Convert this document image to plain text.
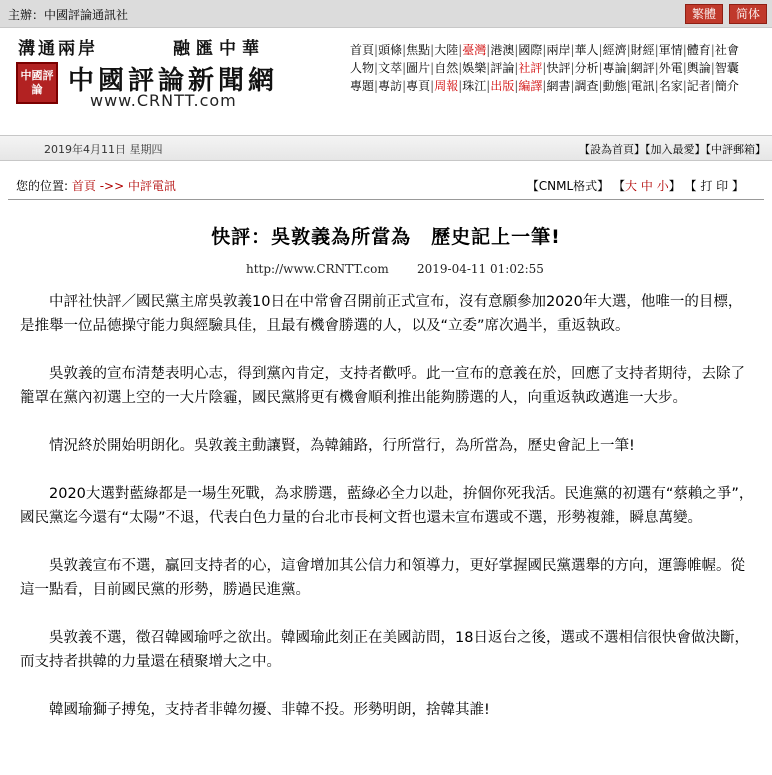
主辦：中國評論通訊社	繁體	简体
溝通兩岸	融匯中華
中國評論 中國評論新聞網
www.CRNTT.com
首頁|頭條|焦點|大陸|臺灣|港澳|國際|兩岸|華人|經濟|財經|軍情|體育|社會
人物|文萃|圖片|自然|娛樂|評論|社評|快評|分析|專論|網評|外電|輿論|智囊
專題|專訪|專頁|周報|珠江|出版|編譯|網書|調查|動態|電訊|名家|記者|簡介
2019年4月11日 星期四	【設為首頁】【加入最愛】【中評郵箱】
您的位置: 首頁 ->> 中評電訊	【CNML格式】 【大 中 小】 【 打 印 】
快評：吳敦義為所當為　歷史記上一筆!
http://www.CRNTT.com 2019-04-11 01:02:55

中評社快評／國民黨主席吳敦義10日在中常會召開前正式宣布，沒有意願參加2020年大選，他唯一的目標，是推舉一位品德操守能力與經驗具佳，且最有機會勝選的人，以及“立委”席次過半，重返執政。

吳敦義的宣布清楚表明心志，得到黨內肯定，支持者歡呼。此一宣布的意義在於，回應了支持者期待，去除了籠罩在黨內初選上空的一大片陰霾，國民黨將更有機會順利推出能夠勝選的人，向重返執政邁進一大步。

情況終於開始明朗化。吳敦義主動讓賢，為韓鋪路，行所當行，為所當為，歷史會記上一筆!

2020大選對藍綠都是一場生死戰，為求勝選，藍綠必全力以赴，拚個你死我活。民進黨的初選有“蔡賴之爭”，國民黨迄今還有“太陽”不退，代表白色力量的台北市長柯文哲也還未宣布選或不選，形勢複雜，瞬息萬變。

吳敦義宣布不選，贏回支持者的心，這會增加其公信力和領導力，更好掌握國民黨選舉的方向，運籌帷幄。從這一點看，目前國民黨的形勢，勝過民進黨。

吳敦義不選，徵召韓國瑜呼之欲出。韓國瑜此刻正在美國訪問，18日返台之後，選或不選相信很快會做決斷，而支持者拱韓的力量還在積聚增大之中。

韓國瑜獅子搏兔，支持者非韓勿擾、非韓不投。形勢明朗，捨韓其誰!
